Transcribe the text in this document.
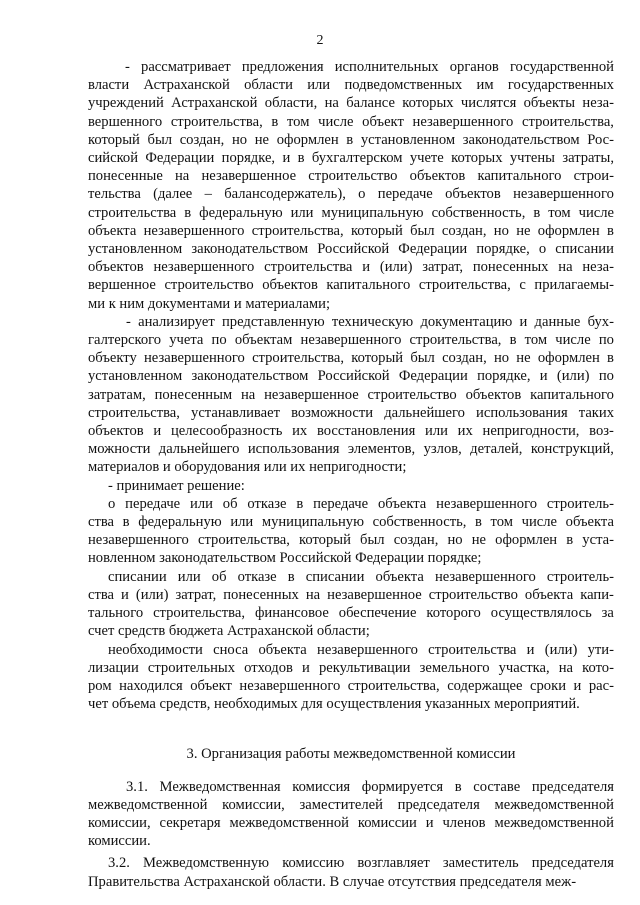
2
- рассматривает предложения исполнительных органов государственной
власти Астраханской области или подведомственных им государственных
учреждений Астраханской области, на балансе которых числятся объекты неза-
вершенного строительства, в том числе объект незавершенного строительства,
который был создан, но не оформлен в установленном законодательством Рос-
сийской Федерации порядке, и в бухгалтерском учете которых учтены затраты,
понесенные на незавершенное строительство объектов капитального строи-
тельства (далее – балансодержатель), о передаче объектов незавершенного
строительства в федеральную или муниципальную собственность, в том числе
объекта незавершенного строительства, который был создан, но не оформлен в
установленном законодательством Российской Федерации порядке, о списании
объектов незавершенного строительства и (или) затрат, понесенных на неза-
вершенное строительство объектов капитального строительства, с прилагаемы-
ми к ним документами и материалами;
- анализирует представленную техническую документацию и данные бух-
галтерского учета по объектам незавершенного строительства, в том числе по
объекту незавершенного строительства, который был создан, но не оформлен в
установленном законодательством Российской Федерации порядке, и (или) по
затратам, понесенным на незавершенное строительство объектов капитального
строительства, устанавливает возможности дальнейшего использования таких
объектов и целесообразность их восстановления или их непригодности, воз-
можности дальнейшего использования элементов, узлов, деталей, конструкций,
материалов и оборудования или их непригодности;
- принимает решение:
о передаче или об отказе в передаче объекта незавершенного строитель-
ства в федеральную или муниципальную собственность, в том числе объекта
незавершенного строительства, который был создан, но не оформлен в уста-
новленном законодательством Российской Федерации порядке;
списании или об отказе в списании объекта незавершенного строитель-
ства и (или) затрат, понесенных на незавершенное строительство объекта капи-
тального строительства, финансовое обеспечение которого осуществлялось за
счет средств бюджета Астраханской области;
необходимости сноса объекта незавершенного строительства и (или) ути-
лизации строительных отходов и рекультивации земельного участка, на кото-
ром находился объект незавершенного строительства, содержащее сроки и рас-
чет объема средств, необходимых для осуществления указанных мероприятий.
3. Организация работы межведомственной комиссии
3.1. Межведомственная комиссия формируется в составе председателя
межведомственной комиссии, заместителей председателя межведомственной
комиссии, секретаря межведомственной комиссии и членов межведомственной
комиссии.
3.2. Межведомственную комиссию возглавляет заместитель председателя
Правительства Астраханской области. В случае отсутствия председателя меж-
